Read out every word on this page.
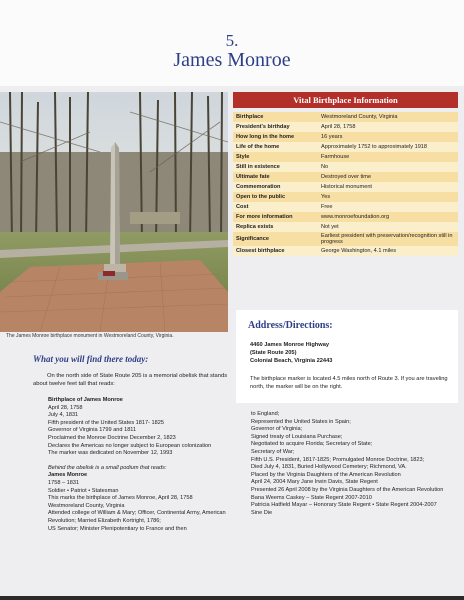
5.
James Monroe
The James Monroe birthplace monument in Westmoreland County, Virginia.
Vital Birthplace Information
Birthplace	Westmoreland County, Virginia
President's birthday	April 28, 1758
How long in the home	16 years
Life of the home	Approximately 1752 to approximately 1918
Style	Farmhouse
Still in existence	No
Ultimate fate	Destroyed over time
Commemoration	Historical monument
Open to the public	Yes
Cost	Free
For more information	www.monroefoundation.org
Replica exists	Not yet
Significance	Earliest president with preservation/recognition still in progress
Closest birthplace	George Washington, 4.1 miles
Address/Directions:
4460 James Monroe Highway
(State Route 205)
Colonial Beach, Virginia 22443
The birthplace marker is located 4.5 miles north of Route 3. If you are traveling north, the marker will be on the right.
What you will find there today:
On the north side of State Route 205 is a memorial obelisk that stands about twelve feet tall that reads:
Birthplace of James Monroe
April 28, 1758
July 4, 1831
Fifth president of the United States 1817- 1825
Governor of Virginia 1799 and 1811
Proclaimed the Monroe Doctrine December 2, 1823
Declares the Americas no longer subject to European colonization
The marker was dedicated on November 12, 1993
Behind the obelisk is a small podium that reads:
James Monroe
1758 – 1831
Soldier • Patriot • Statesman
This marks the birthplace of James Monroe, April 28, 1758
Westmoreland County, Virginia
Attended college of William & Mary; Officer, Continental Army, American Revolution; Married Elizabeth Kortright, 1786;
US Senator; Minister Plenipotentiary to France and then
to England;
Represented the United States in Spain;
Governor of Virginia;
Signed treaty of Louisiana Purchase;
Negotiated to acquire Florida; Secretary of State;
Secretary of War;
Fifth U.S. President, 1817-1825; Promulgated Monroe Doctrine, 1823;
Died July 4, 1831, Buried Hollywood Cemetery; Richmond, VA.
Placed by the Virginia Daughters of the American Revolution
April 24, 2004 Mary Jane Irwin Davis, State Regent
Presented 26 April 2008 by the Virginia Daughters of the American Revolution
Bana Weems Caskey – State Regent 2007-2010
Patricia Hatfield Mayar – Honorary State Regent • State Regent 2004-2007
Sine Die
